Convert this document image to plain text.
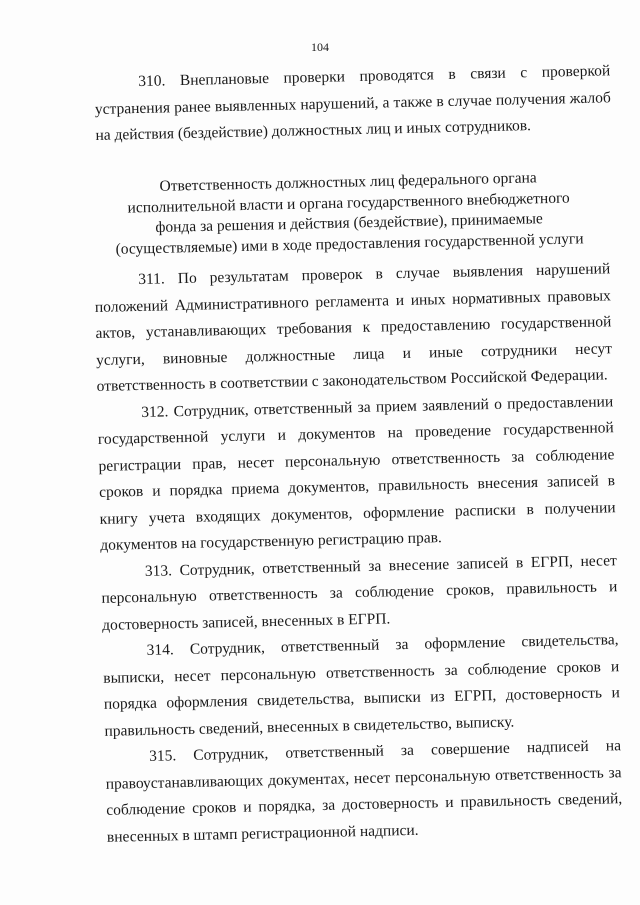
104

310. Внеплановые проверки проводятся в связи с проверкой устранения ранее выявленных нарушений, а также в случае получения жалоб на действия (бездействие) должностных лиц и иных сотрудников.

Ответственность должностных лиц федерального органа исполнительной власти и органа государственного внебюджетного фонда за решения и действия (бездействие), принимаемые (осуществляемые) ими в ходе предоставления государственной услуги

311. По результатам проверок в случае выявления нарушений положений Административного регламента и иных нормативных правовых актов, устанавливающих требования к предоставлению государственной услуги, виновные должностные лица и иные сотрудники несут ответственность в соответствии с законодательством Российской Федерации.

312. Сотрудник, ответственный за прием заявлений о предоставлении государственной услуги и документов на проведение государственной регистрации прав, несет персональную ответственность за соблюдение сроков и порядка приема документов, правильность внесения записей в книгу учета входящих документов, оформление расписки в получении документов на государственную регистрацию прав.

313. Сотрудник, ответственный за внесение записей в ЕГРП, несет персональную ответственность за соблюдение сроков, правильность и достоверность записей, внесенных в ЕГРП.

314. Сотрудник, ответственный за оформление свидетельства, выписки, несет персональную ответственность за соблюдение сроков и порядка оформления свидетельства, выписки из ЕГРП, достоверность и правильность сведений, внесенных в свидетельство, выписку.

315. Сотрудник, ответственный за совершение надписей на правоустанавливающих документах, несет персональную ответственность за соблюдение сроков и порядка, за достоверность и правильность сведений, внесенных в штамп регистрационной надписи.
